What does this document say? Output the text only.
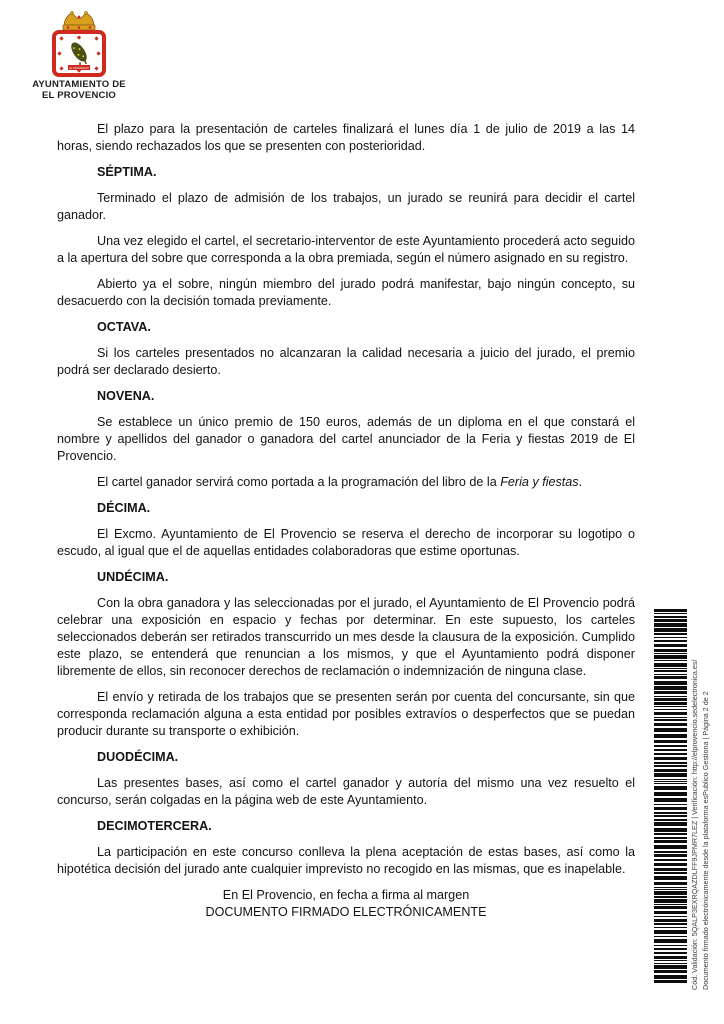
EL PROVENCIO
AYUNTAMIENTO DE
EL PROVENCIO

El plazo para la presentación de carteles finalizará el lunes día 1 de julio de 2019 a las 14 horas, siendo rechazados los que se presenten con posterioridad.

SÉPTIMA.

Terminado el plazo de admisión de los trabajos, un jurado se reunirá para decidir el cartel ganador.

Una vez elegido el cartel, el secretario-interventor de este Ayuntamiento procederá acto seguido a la apertura del sobre que corresponda a la obra premiada, según el número asignado en su registro.

Abierto ya el sobre, ningún miembro del jurado podrá manifestar, bajo ningún concepto, su desacuerdo con la decisión tomada previamente.

OCTAVA.

Si los carteles presentados no alcanzaran la calidad necesaria a juicio del jurado, el premio podrá ser declarado desierto.

NOVENA.

Se establece un único premio de 150 euros, además de un diploma en el que constará el nombre y apellidos del ganador o ganadora del cartel anunciador de la Feria y fiestas 2019 de El Provencio.

El cartel ganador servirá como portada a la programación del libro de la Feria y fiestas.

DÉCIMA.

El Excmo. Ayuntamiento de El Provencio se reserva el derecho de incorporar su logotipo o escudo, al igual que el de aquellas entidades colaboradoras que estime oportunas.

UNDÉCIMA.

Con la obra ganadora y las seleccionadas por el jurado, el Ayuntamiento de El Provencio podrá celebrar una exposición en espacio y fechas por determinar. En este supuesto, los carteles seleccionados deberán ser retirados transcurrido un mes desde la clausura de la exposición. Cumplido este plazo, se entenderá que renuncian a los mismos, y que el Ayuntamiento podrá disponer libremente de ellos, sin reconocer derechos de reclamación o indemnización de ninguna clase.

El envío y retirada de los trabajos que se presenten serán por cuenta del concursante, sin que corresponda reclamación alguna a esta entidad por posibles extravíos o desperfectos que se puedan producir durante su transporte o exhibición.

DUODÉCIMA.

Las presentes bases, así como el cartel ganador y autoría del mismo una vez resuelto el concurso, serán colgadas en la página web de este Ayuntamiento.

DECIMOTERCERA.

La participación en este concurso conlleva la plena aceptación de estas bases, así como la hipotética decisión del jurado ante cualquier imprevisto no recogido en las mismas, que es inapelable.

En El Provencio, en fecha a firma al margen

DOCUMENTO FIRMADO ELECTRÓNICAMENTE	Cód. Validación: 5QALP3EXRQAZDLFF9JPMR7LEZ | Verificación: http://elprovencio.sedelectronica.es/ Documento firmado electrónicamente desde la plataforma esPublico Gestiona | Página 2 de 2
